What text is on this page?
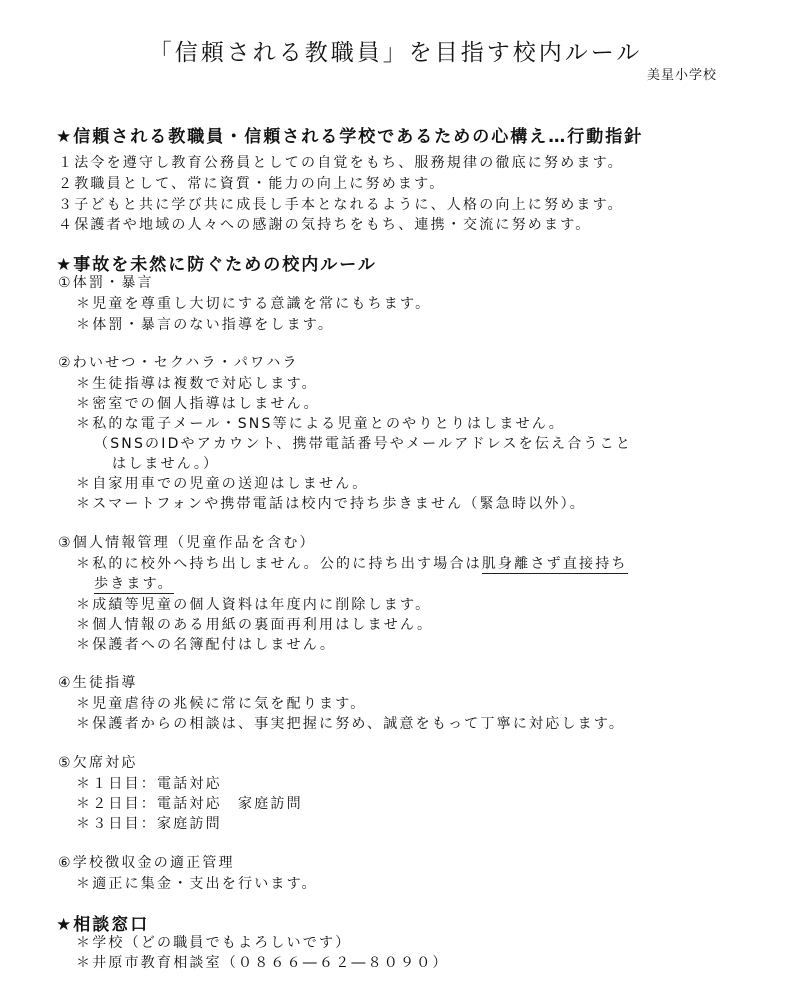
「信頼される教職員」を目指す校内ルール
美星小学校
★信頼される教職員・信頼される学校であるための心構え…行動指針
１法令を遵守し教育公務員としての自覚をもち、服務規律の徹底に努めます。
２教職員として、常に資質・能力の向上に努めます。
３子どもと共に学び共に成長し手本となれるように、人格の向上に努めます。
４保護者や地域の人々への感謝の気持ちをもち、連携・交流に努めます。
★事故を未然に防ぐための校内ルール
①体罰・暴言
＊児童を尊重し大切にする意識を常にもちます。
＊体罰・暴言のない指導をします。
②わいせつ・セクハラ・パワハラ
＊生徒指導は複数で対応します。
＊密室での個人指導はしません。
＊私的な電子メール・SNS等による児童とのやりとりはしません。
（SNSのIDやアカウント、携帯電話番号やメールアドレスを伝え合うこと
はしません。）
＊自家用車での児童の送迎はしません。
＊スマートフォンや携帯電話は校内で持ち歩きません（緊急時以外）。
③個人情報管理（児童作品を含む）
＊私的に校外へ持ち出しません。公的に持ち出す場合は肌身離さず直接持ち
歩きます。
＊成績等児童の個人資料は年度内に削除します。
＊個人情報のある用紙の裏面再利用はしません。
＊保護者への名簿配付はしません。
④生徒指導
＊児童虐待の兆候に常に気を配ります。
＊保護者からの相談は、事実把握に努め、誠意をもって丁寧に対応します。
⑤欠席対応
＊１日目：電話対応
＊２日目：電話対応　家庭訪問
＊３日目：家庭訪問
⑥学校徴収金の適正管理
＊適正に集金・支出を行います。
★相談窓口
＊学校（どの職員でもよろしいです）
＊井原市教育相談室（０８６６―６２―８０９０）
